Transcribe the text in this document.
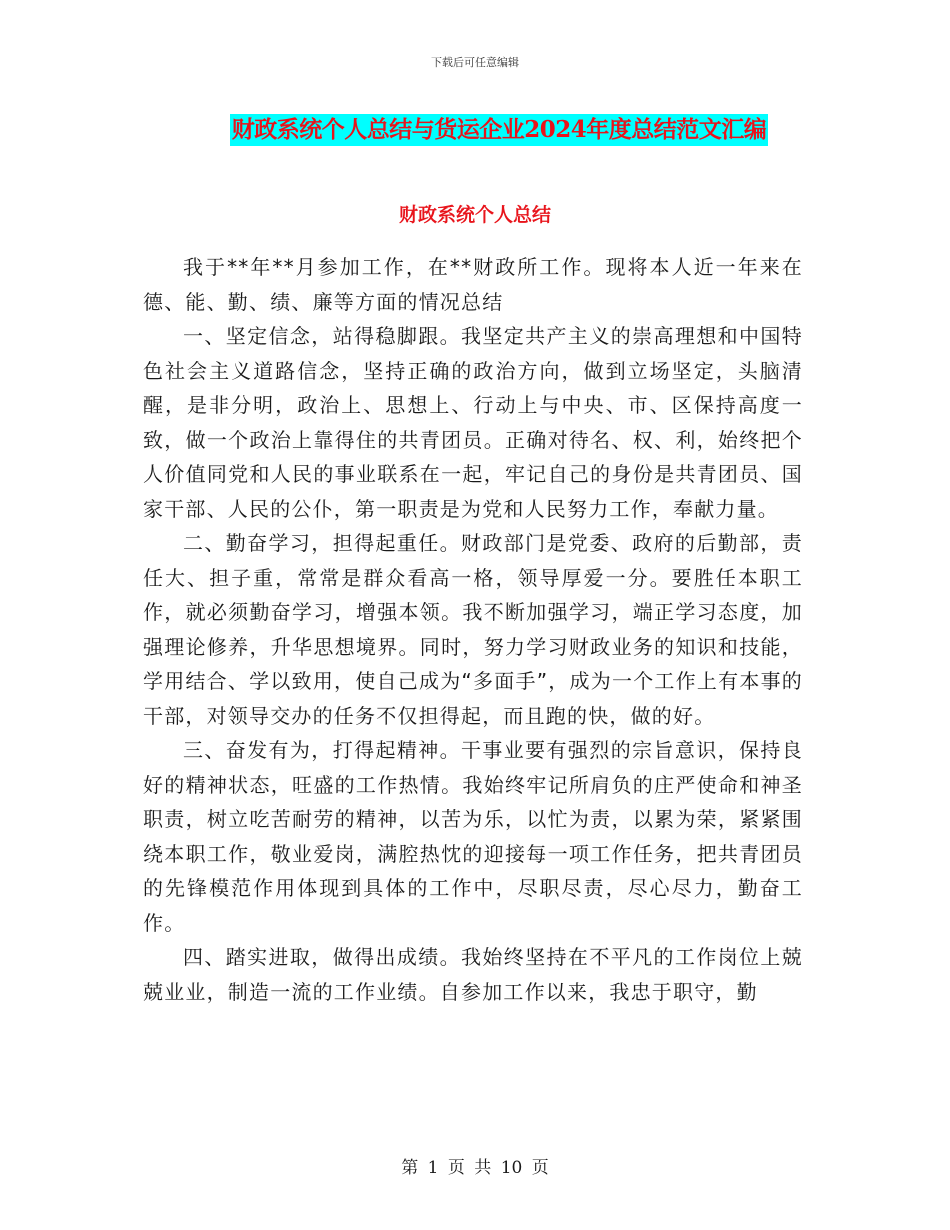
下载后可任意编辑
财政系统个人总结与货运企业2024年度总结范文汇编
财政系统个人总结

我于**年**月参加工作，在**财政所工作。现将本人近一年来在德、能、勤、绩、廉等方面的情况总结

一、坚定信念，站得稳脚跟。我坚定共产主义的崇高理想和中国特色社会主义道路信念，坚持正确的政治方向，做到立场坚定，头脑清醒，是非分明，政治上、思想上、行动上与中央、市、区保持高度一致，做一个政治上靠得住的共青团员。正确对待名、权、利，始终把个人价值同党和人民的事业联系在一起，牢记自己的身份是共青团员、国家干部、人民的公仆，第一职责是为党和人民努力工作，奉献力量。

二、勤奋学习，担得起重任。财政部门是党委、政府的后勤部，责任大、担子重，常常是群众看高一格，领导厚爱一分。要胜任本职工作，就必须勤奋学习，增强本领。我不断加强学习，端正学习态度，加强理论修养，升华思想境界。同时，努力学习财政业务的知识和技能，学用结合、学以致用，使自己成为“多面手”，成为一个工作上有本事的干部，对领导交办的任务不仅担得起，而且跑的快，做的好。

三、奋发有为，打得起精神。干事业要有强烈的宗旨意识，保持良好的精神状态，旺盛的工作热情。我始终牢记所肩负的庄严使命和神圣职责，树立吃苦耐劳的精神，以苦为乐，以忙为责，以累为荣，紧紧围绕本职工作，敬业爱岗，满腔热忱的迎接每一项工作任务，把共青团员的先锋模范作用体现到具体的工作中，尽职尽责，尽心尽力，勤奋工作。

四、踏实进取，做得出成绩。我始终坚持在不平凡的工作岗位上兢兢业业，制造一流的工作业绩。自参加工作以来，我忠于职守，勤

第 1 页 共 10 页
